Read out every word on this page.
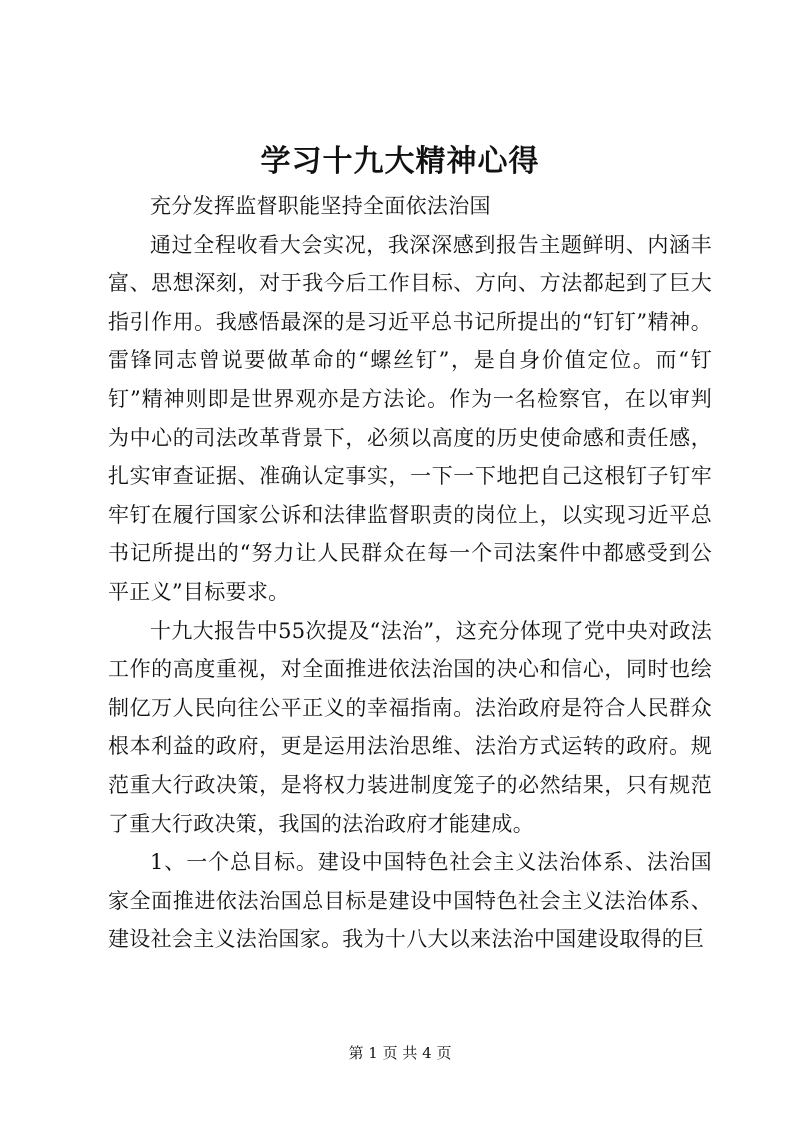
学习十九大精神心得

充分发挥监督职能坚持全面依法治国

通过全程收看大会实况，我深深感到报告主题鲜明、内涵丰富、思想深刻，对于我今后工作目标、方向、方法都起到了巨大指引作用。我感悟最深的是习近平总书记所提出的“钉钉”精神。雷锋同志曾说要做革命的“螺丝钉”，是自身价值定位。而“钉钉”精神则即是世界观亦是方法论。作为一名检察官，在以审判为中心的司法改革背景下，必须以高度的历史使命感和责任感，扎实审查证据、准确认定事实，一下一下地把自己这根钉子钉牢牢钉在履行国家公诉和法律监督职责的岗位上，以实现习近平总书记所提出的“努力让人民群众在每一个司法案件中都感受到公平正义”目标要求。

十九大报告中55次提及“法治”，这充分体现了党中央对政法工作的高度重视，对全面推进依法治国的决心和信心，同时也绘制亿万人民向往公平正义的幸福指南。法治政府是符合人民群众根本利益的政府，更是运用法治思维、法治方式运转的政府。规范重大行政决策，是将权力装进制度笼子的必然结果，只有规范了重大行政决策，我国的法治政府才能建成。

1、一个总目标。建设中国特色社会主义法治体系、法治国家全面推进依法治国总目标是建设中国特色社会主义法治体系、建设社会主义法治国家。我为十八大以来法治中国建设取得的巨

第 1 页 共 4 页
